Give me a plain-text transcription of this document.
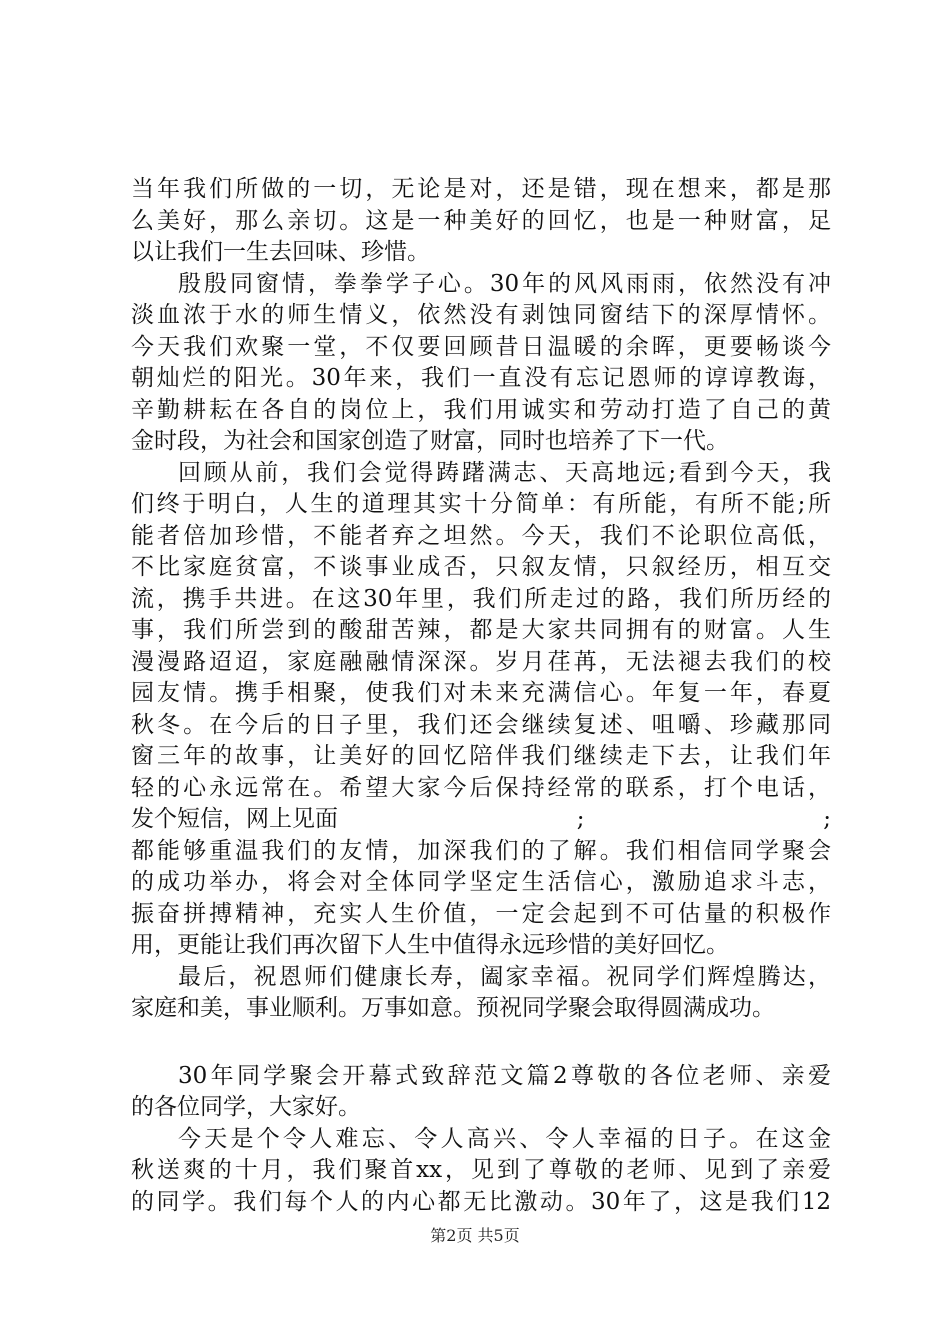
当年我们所做的一切，无论是对，还是错，现在想来，都是那
么美好，那么亲切。这是一种美好的回忆，也是一种财富，足
以让我们一生去回味、珍惜。
殷殷同窗情，拳拳学子心。30年的风风雨雨，依然没有冲
淡血浓于水的师生情义，依然没有剥蚀同窗结下的深厚情怀。
今天我们欢聚一堂，不仅要回顾昔日温暖的余晖，更要畅谈今
朝灿烂的阳光。30年来，我们一直没有忘记恩师的谆谆教诲，
辛勤耕耘在各自的岗位上，我们用诚实和劳动打造了自己的黄
金时段，为社会和国家创造了财富，同时也培养了下一代。
回顾从前，我们会觉得踌躇满志、天高地远;看到今天，我
们终于明白，人生的道理其实十分简单：有所能，有所不能;所
能者倍加珍惜，不能者弃之坦然。今天，我们不论职位高低，
不比家庭贫富，不谈事业成否，只叙友情，只叙经历，相互交
流，携手共进。在这30年里，我们所走过的路，我们所历经的
事，我们所尝到的酸甜苦辣，都是大家共同拥有的财富。人生
漫漫路迢迢，家庭融融情深深。岁月荏苒，无法褪去我们的校
园友情。携手相聚，使我们对未来充满信心。年复一年，春夏
秋冬。在今后的日子里，我们还会继续复述、咀嚼、珍藏那同
窗三年的故事，让美好的回忆陪伴我们继续走下去，让我们年
轻的心永远常在。希望大家今后保持经常的联系，打个电话，
发个短信，网上见面	;	;
都能够重温我们的友情，加深我们的了解。我们相信同学聚会
的成功举办，将会对全体同学坚定生活信心，激励追求斗志，
振奋拼搏精神，充实人生价值，一定会起到不可估量的积极作
用，更能让我们再次留下人生中值得永远珍惜的美好回忆。
最后，祝恩师们健康长寿，阖家幸福。祝同学们辉煌腾达，
家庭和美，事业顺利。万事如意。预祝同学聚会取得圆满成功。
30年同学聚会开幕式致辞范文篇2尊敬的各位老师、亲爱
的各位同学，大家好。
今天是个令人难忘、令人高兴、令人幸福的日子。在这金
秋送爽的十月，我们聚首xx，见到了尊敬的老师、见到了亲爱
的同学。我们每个人的内心都无比激动。30年了，这是我们12
第2页 共5页
